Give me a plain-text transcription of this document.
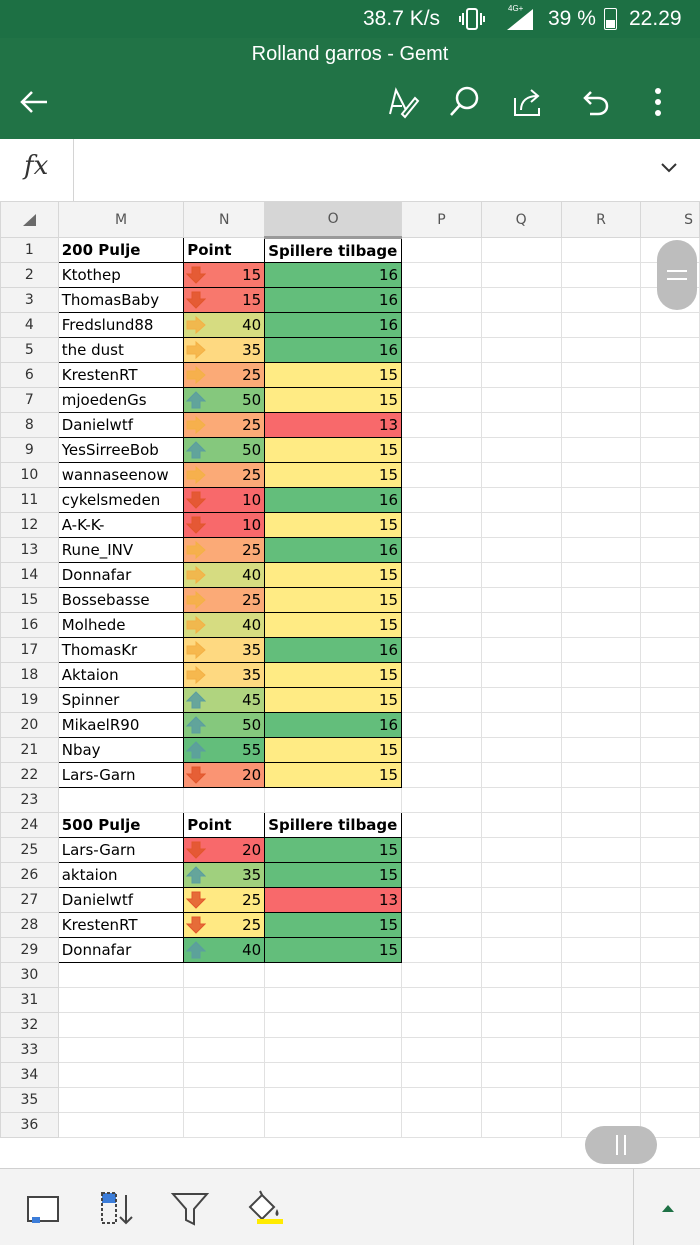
38.7 K/s	4G+ 39 % 22.29
Rolland garros - Gemt
fx
	M	N	O	P	Q	R	S
1	200 Pulje	Point	Spillere tilbage				
2	Ktothep	15	16				
3	ThomasBaby	15	16				
4	Fredslund88	40	16				
5	the dust	35	16				
6	KrestenRT	25	15				
7	mjoedenGs	50	15				
8	Danielwtf	25	13				
9	YesSirreeBob	50	15				
10	wannaseenow	25	15				
11	cykelsmeden	10	16				
12	A-K-K-	10	15				
13	Rune_INV	25	16				
14	Donnafar	40	15				
15	Bossebasse	25	15				
16	Molhede	40	15				
17	ThomasKr	35	16				
18	Aktaion	35	15				
19	Spinner	45	15				
20	MikaelR90	50	16				
21	Nbay	55	15				
22	Lars-Garn	20	15				
23							
24	500 Pulje	Point	Spillere tilbage				
25	Lars-Garn	20	15				
26	aktaion	35	15				
27	Danielwtf	25	13				
28	KrestenRT	25	15				
29	Donnafar	40	15				
30							
31							
32							
33							
34							
35							
36							
